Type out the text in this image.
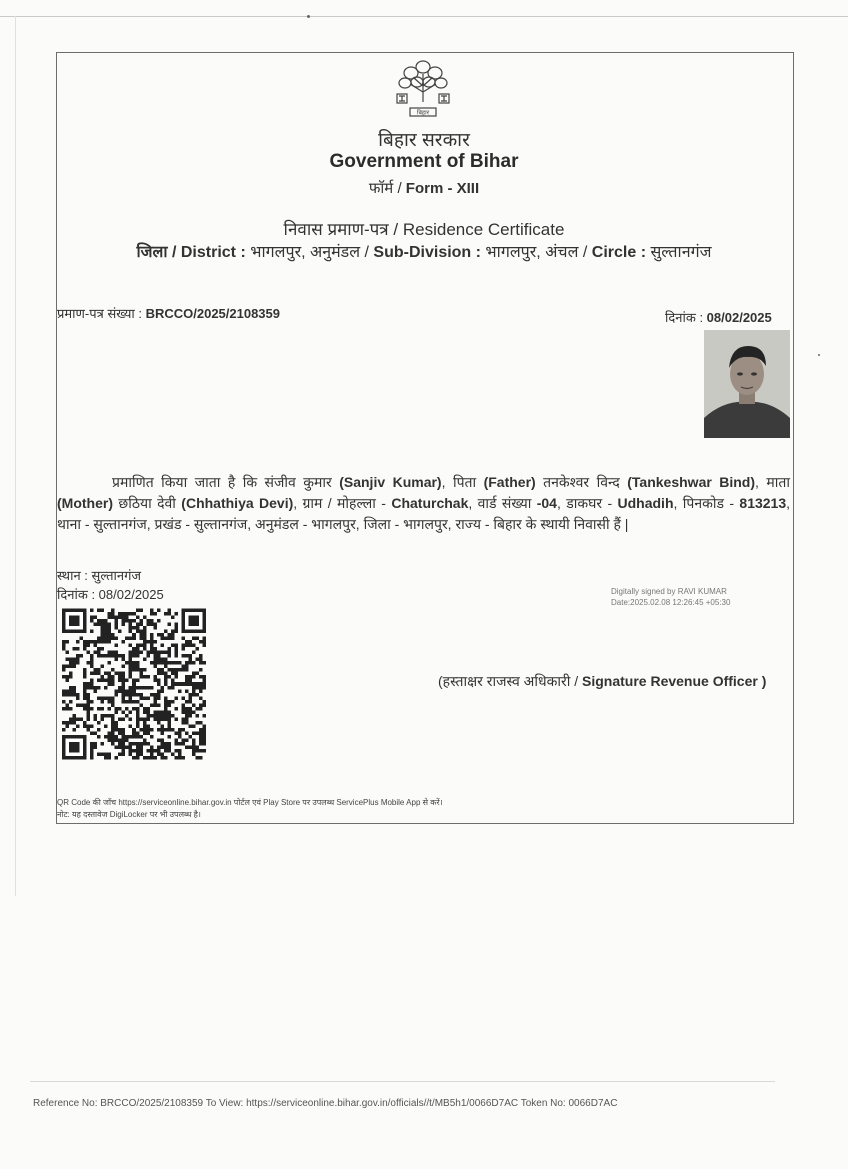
बिहार
बिहार सरकार
Government of Bihar
फॉर्म / Form - XIII
निवास प्रमाण-पत्र / Residence Certificate
जिला / District : भागलपुर, अनुमंडल / Sub-Division : भागलपुर, अंचल / Circle : सुल्तानगंज
प्रमाण-पत्र संख्या : BRCCO/2025/2108359	दिनांक : 08/02/2025
प्रमाणित किया जाता है कि संजीव कुमार (Sanjiv Kumar), पिता (Father) तनकेश्वर विन्द (Tankeshwar Bind), माता (Mother) छठिया देवी (Chhathiya Devi), ग्राम / मोहल्ला - Chaturchak, वार्ड संख्या -04, डाकघर - Udhadih, पिनकोड - 813213, थाना - सुल्तानगंज, प्रखंड - सुल्तानगंज, अनुमंडल - भागलपुर, जिला - भागलपुर, राज्य - बिहार के स्थायी निवासी हैं |
स्थान : सुल्तानगंज
दिनांक : 08/02/2025	Digitally signed by RAVI KUMAR
Date:2025.02.08 12:26:45 +05:30
(हस्ताक्षर राजस्व अधिकारी / Signature Revenue Officer )
QR Code की जाँच https://serviceonline.bihar.gov.in पोर्टल एवं Play Store पर उपलब्ध ServicePlus Mobile App से करें।
नोट: यह दस्तावेज DigiLocker पर भी उपलब्ध है।
Reference No: BRCCO/2025/2108359 To View: https://serviceonline.bihar.gov.in/officials//t/MB5h1/0066D7AC Token No: 0066D7AC
